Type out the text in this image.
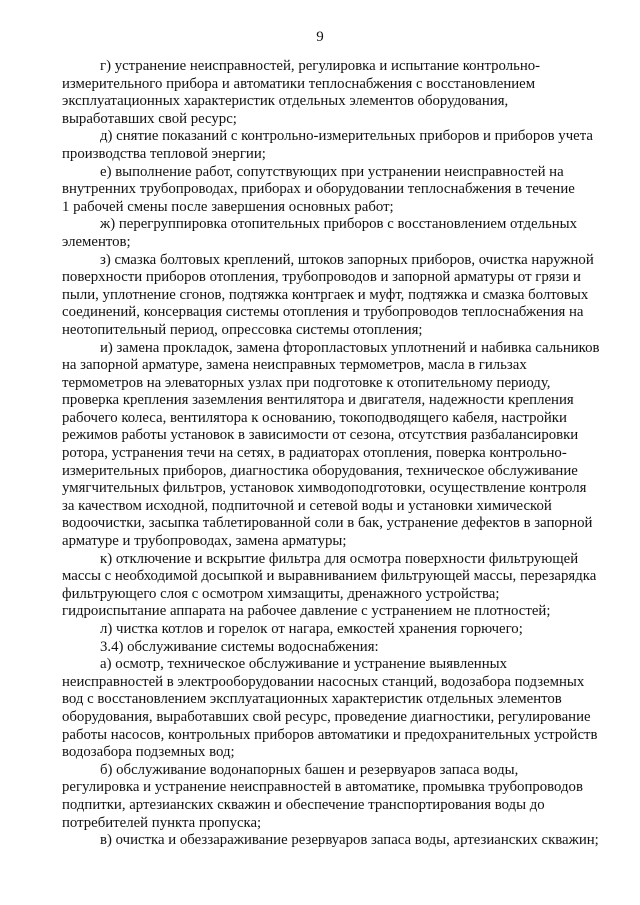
9

г) устранение неисправностей, регулировка и испытание контрольно-
измерительного прибора и автоматики теплоснабжения с восстановлением
эксплуатационных характеристик отдельных элементов оборудования,
выработавших свой ресурс;

д) снятие показаний с контрольно-измерительных приборов и приборов учета
производства тепловой энергии;

е) выполнение работ, сопутствующих при устранении неисправностей на
внутренних трубопроводах, приборах и оборудовании теплоснабжения в течение
1 рабочей смены после завершения основных работ;

ж) перегруппировка отопительных приборов с восстановлением отдельных
элементов;

з) смазка болтовых креплений, штоков запорных приборов, очистка наружной
поверхности приборов отопления, трубопроводов и запорной арматуры от грязи и
пыли, уплотнение сгонов, подтяжка контргаек и муфт, подтяжка и смазка болтовых
соединений, консервация системы отопления и трубопроводов теплоснабжения на
неотопительный период, опрессовка системы отопления;

и) замена прокладок, замена фторопластовых уплотнений и набивка сальников
на запорной арматуре, замена неисправных термометров, масла в гильзах
термометров на элеваторных узлах при подготовке к отопительному периоду,
проверка крепления заземления вентилятора и двигателя, надежности крепления
рабочего колеса, вентилятора к основанию, токоподводящего кабеля, настройки
режимов работы установок в зависимости от сезона, отсутствия разбалансировки
ротора, устранения течи на сетях, в радиаторах отопления, поверка контрольно-
измерительных приборов, диагностика оборудования, техническое обслуживание
умягчительных фильтров, установок химводоподготовки, осуществление контроля
за качеством исходной, подпиточной и сетевой воды и установки химической
водоочистки, засыпка таблетированной соли в бак, устранение дефектов в запорной
арматуре и трубопроводах, замена арматуры;

к) отключение и вскрытие фильтра для осмотра поверхности фильтрующей
массы с необходимой досыпкой и выравниванием фильтрующей массы, перезарядка
фильтрующего слоя с осмотром химзащиты, дренажного устройства;
гидроиспытание аппарата на рабочее давление с устранением не плотностей;

л) чистка котлов и горелок от нагара, емкостей хранения горючего;

3.4) обслуживание системы водоснабжения:

а) осмотр, техническое обслуживание и устранение выявленных
неисправностей в электрооборудовании насосных станций, водозабора подземных
вод с восстановлением эксплуатационных характеристик отдельных элементов
оборудования, выработавших свой ресурс, проведение диагностики, регулирование
работы насосов, контрольных приборов автоматики и предохранительных устройств
водозабора подземных вод;

б) обслуживание водонапорных башен и резервуаров запаса воды,
регулировка и устранение неисправностей в автоматике, промывка трубопроводов
подпитки, артезианских скважин и обеспечение транспортирования воды до
потребителей пункта пропуска;

в) очистка и обеззараживание резервуаров запаса воды, артезианских скважин;
